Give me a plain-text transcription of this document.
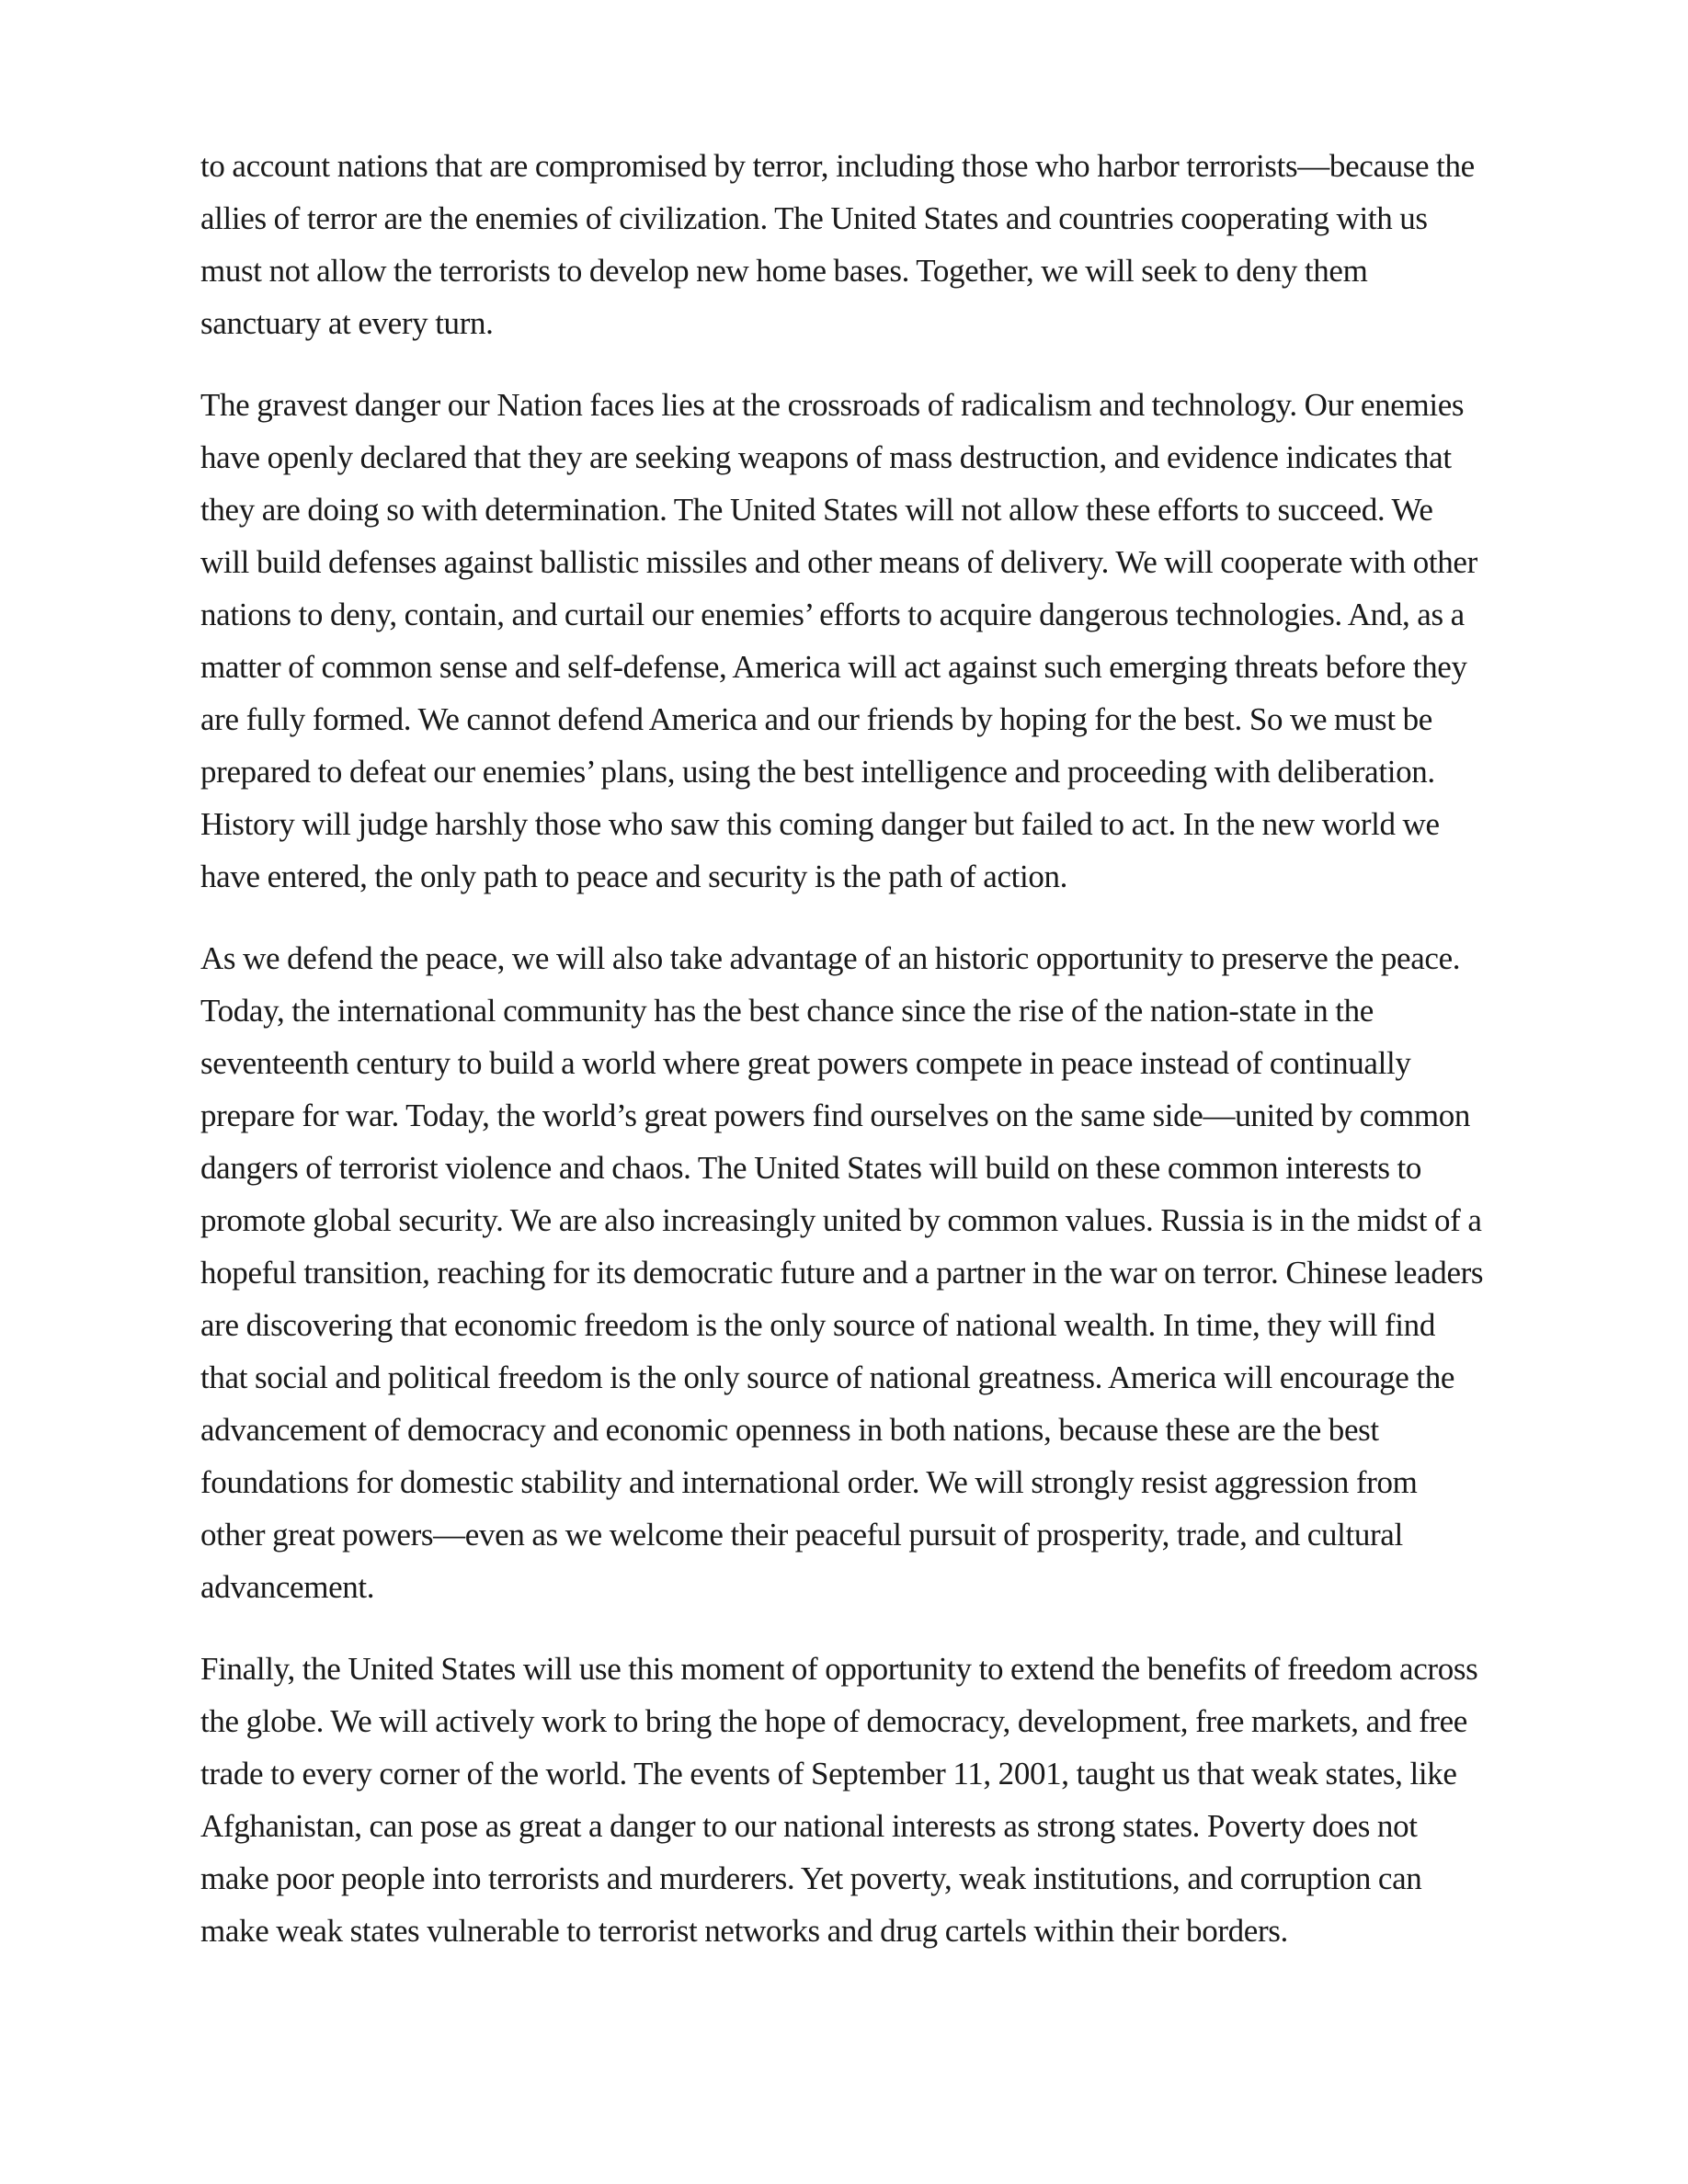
to account nations that are compromised by terror, including those who harbor terrorists—because the allies of terror are the enemies of civilization. The United States and countries cooperating with us must not allow the terrorists to develop new home bases. Together, we will seek to deny them sanctuary at every turn.

The gravest danger our Nation faces lies at the crossroads of radicalism and technology. Our enemies have openly declared that they are seeking weapons of mass destruction, and evidence indicates that they are doing so with determination. The United States will not allow these efforts to succeed. We will build defenses against ballistic missiles and other means of delivery. We will cooperate with other nations to deny, contain, and curtail our enemies’ efforts to acquire dangerous technologies. And, as a matter of common sense and self-defense, America will act against such emerging threats before they are fully formed. We cannot defend America and our friends by hoping for the best. So we must be prepared to defeat our enemies’ plans, using the best intelligence and proceeding with deliberation. History will judge harshly those who saw this coming danger but failed to act. In the new world we have entered, the only path to peace and security is the path of action.

As we defend the peace, we will also take advantage of an historic opportunity to preserve the peace. Today, the international community has the best chance since the rise of the nation-state in the seventeenth century to build a world where great powers compete in peace instead of continually prepare for war. Today, the world’s great powers find ourselves on the same side—united by common dangers of terrorist violence and chaos. The United States will build on these common interests to promote global security. We are also increasingly united by common values. Russia is in the midst of a hopeful transition, reaching for its democratic future and a partner in the war on terror. Chinese leaders are discovering that economic freedom is the only source of national wealth. In time, they will find that social and political freedom is the only source of national greatness. America will encourage the advancement of democracy and economic openness in both nations, because these are the best foundations for domestic stability and international order. We will strongly resist aggression from other great powers—even as we welcome their peaceful pursuit of prosperity, trade, and cultural advancement.

Finally, the United States will use this moment of opportunity to extend the benefits of freedom across the globe. We will actively work to bring the hope of democracy, development, free markets, and free trade to every corner of the world. The events of September 11, 2001, taught us that weak states, like Afghanistan, can pose as great a danger to our national interests as strong states. Poverty does not make poor people into terrorists and murderers. Yet poverty, weak institutions, and corruption can make weak states vulnerable to terrorist networks and drug cartels within their borders.
